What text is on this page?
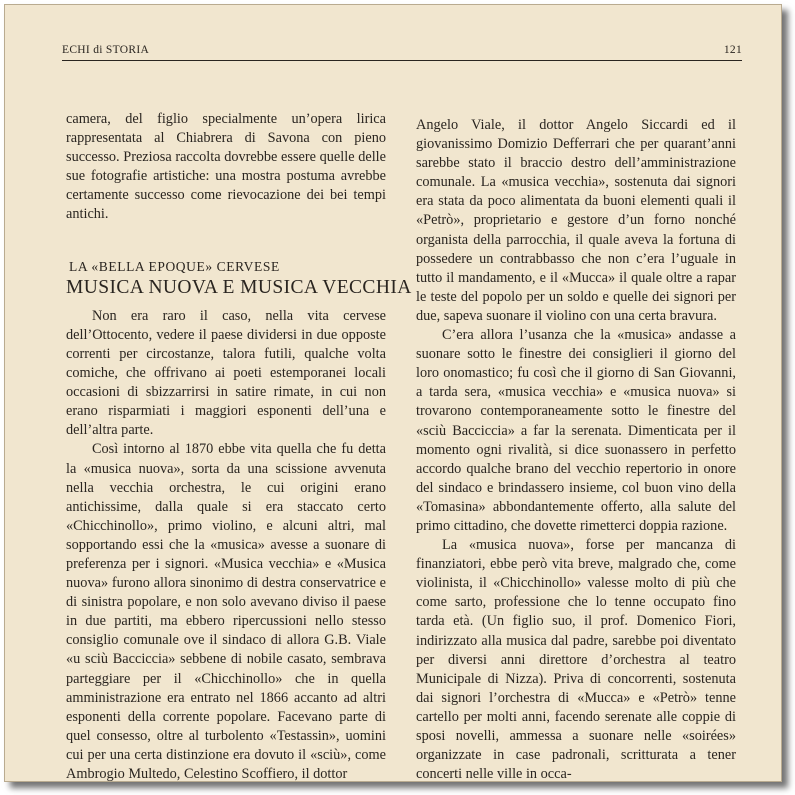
ECHI di STORIA	121

camera, del figlio specialmente un’opera lirica rappresentata al Chiabrera di Savona con pieno successo. Preziosa raccolta dovrebbe essere quelle delle sue fotografie artistiche: una mostra postuma avrebbe certamente successo come rievocazione dei bei tempi antichi.

LA «BELLA EPOQUE» CERVESE
MUSICA NUOVA E MUSICA VECCHIA

Non era raro il caso, nella vita cervese dell’Ottocento, vedere il paese dividersi in due opposte correnti per circostanze, talora futili, qualche volta comiche, che offrivano ai poeti estemporanei locali occasioni di sbizzarrirsi in satire rimate, in cui non erano risparmiati i maggiori esponenti dell’una e dell’altra parte.

Così intorno al 1870 ebbe vita quella che fu detta la «musica nuova», sorta da una scissione avvenuta nella vecchia orchestra, le cui origini erano antichissime, dalla quale si era staccato certo «Chicchinollo», primo violino, e alcuni altri, mal sopportando essi che la «musica» avesse a suonare di preferenza per i signori. «Musica vecchia» e «Musica nuova» furono allora sinonimo di destra conservatrice e di sinistra popolare, e non solo avevano diviso il paese in due partiti, ma ebbero ripercussioni nello stesso consiglio comunale ove il sindaco di allora G.B. Viale «u sciù Bacciccia» sebbene di nobile casato, sembrava parteggiare per il «Chicchinollo» che in quella amministrazione era entrato nel 1866 accanto ad altri esponenti della corrente popolare. Facevano parte di quel consesso, oltre al turbolento «Testassin», uomini cui per una certa distinzione era dovuto il «sciù», come Ambrogio Multedo, Celestino Scoffiero, il dottor

Angelo Viale, il dottor Angelo Siccardi ed il giovanissimo Domizio Defferrari che per quarant’anni sarebbe stato il braccio destro dell’amministrazione comunale. La «musica vecchia», sostenuta dai signori era stata da poco alimentata da buoni elementi quali il «Petrò», proprietario e gestore d’un forno nonché organista della parrocchia, il quale aveva la fortuna di possedere un contrabbasso che non c’era l’uguale in tutto il mandamento, e il «Mucca» il quale oltre a rapar le teste del popolo per un soldo e quelle dei signori per due, sapeva suonare il violino con una certa bravura.

C’era allora l’usanza che la «musica» andasse a suonare sotto le finestre dei consiglieri il giorno del loro onomastico; fu così che il giorno di San Giovanni, a tarda sera, «musica vecchia» e «musica nuova» si trovarono contemporaneamente sotto le finestre del «sciù Bacciccia» a far la serenata. Dimenticata per il momento ogni rivalità, si dice suonassero in perfetto accordo qualche brano del vecchio repertorio in onore del sindaco e brindassero insieme, col buon vino della «Tomasina» abbondantemente offerto, alla salute del primo cittadino, che dovette rimetterci doppia razione.

La «musica nuova», forse per mancanza di finanziatori, ebbe però vita breve, malgrado che, come violinista, il «Chicchinollo» valesse molto di più che come sarto, professione che lo tenne occupato fino tarda età. (Un figlio suo, il prof. Domenico Fiori, indirizzato alla musica dal padre, sarebbe poi diventato per diversi anni direttore d’orchestra al teatro Municipale di Nizza). Priva di concorrenti, sostenuta dai signori l’orchestra di «Mucca» e «Petrò» tenne cartello per molti anni, facendo serenate alle coppie di sposi novelli, ammessa a suonare nelle «soirées» organizzate in case padronali, scritturata a tener concerti nelle ville in occa-
